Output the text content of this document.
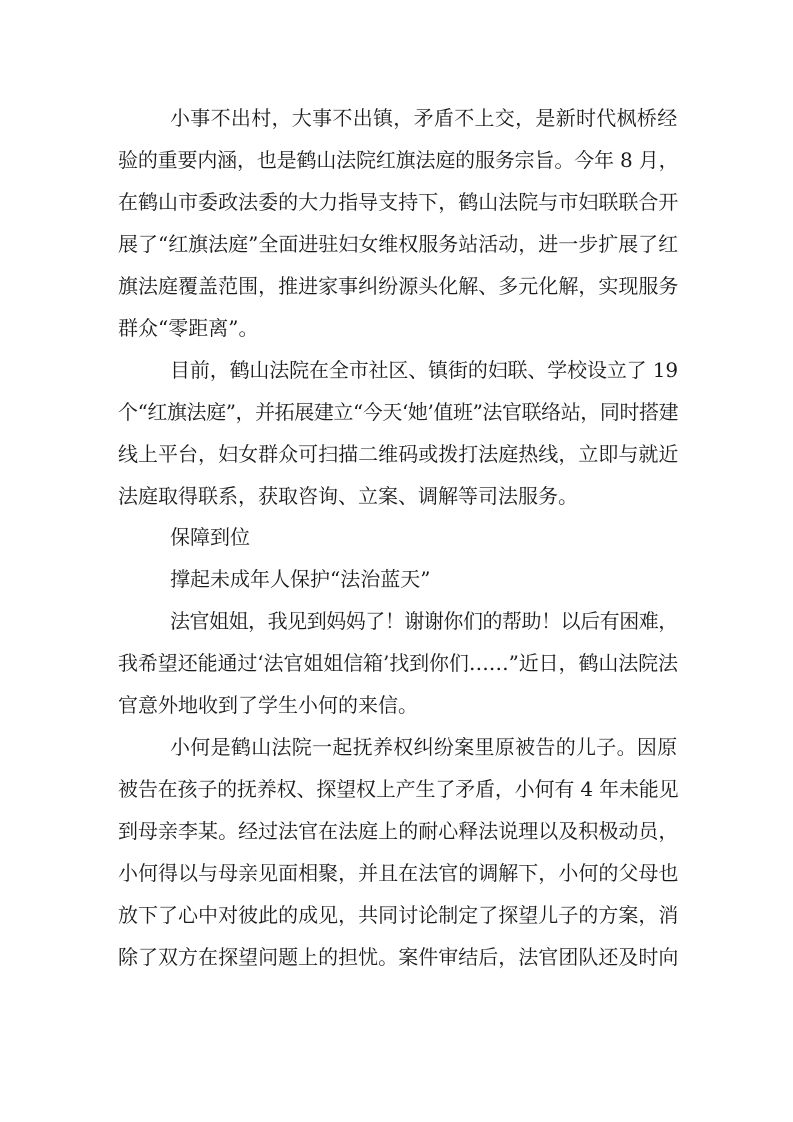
小事不出村，大事不出镇，矛盾不上交，是新时代枫桥经

验的重要内涵，也是鹤山法院红旗法庭的服务宗旨。今年 8 月，

在鹤山市委政法委的大力指导支持下，鹤山法院与市妇联联合开

展了“红旗法庭”全面进驻妇女维权服务站活动，进一步扩展了红

旗法庭覆盖范围，推进家事纠纷源头化解、多元化解，实现服务

群众“零距离”。

目前，鹤山法院在全市社区、镇街的妇联、学校设立了 19

个“红旗法庭”，并拓展建立“今天‘她’值班”法官联络站，同时搭建

线上平台，妇女群众可扫描二维码或拨打法庭热线，立即与就近

法庭取得联系，获取咨询、立案、调解等司法服务。

保障到位

撑起未成年人保护“法治蓝天”

法官姐姐，我见到妈妈了！谢谢你们的帮助！以后有困难，

我希望还能通过‘法官姐姐信箱’找到你们……”近日，鹤山法院法

官意外地收到了学生小何的来信。

小何是鹤山法院一起抚养权纠纷案里原被告的儿子。因原

被告在孩子的抚养权、探望权上产生了矛盾，小何有 4 年未能见

到母亲李某。经过法官在法庭上的耐心释法说理以及积极动员，

小何得以与母亲见面相聚，并且在法官的调解下，小何的父母也

放下了心中对彼此的成见，共同讨论制定了探望儿子的方案，消

除了双方在探望问题上的担忧。案件审结后，法官团队还及时向
